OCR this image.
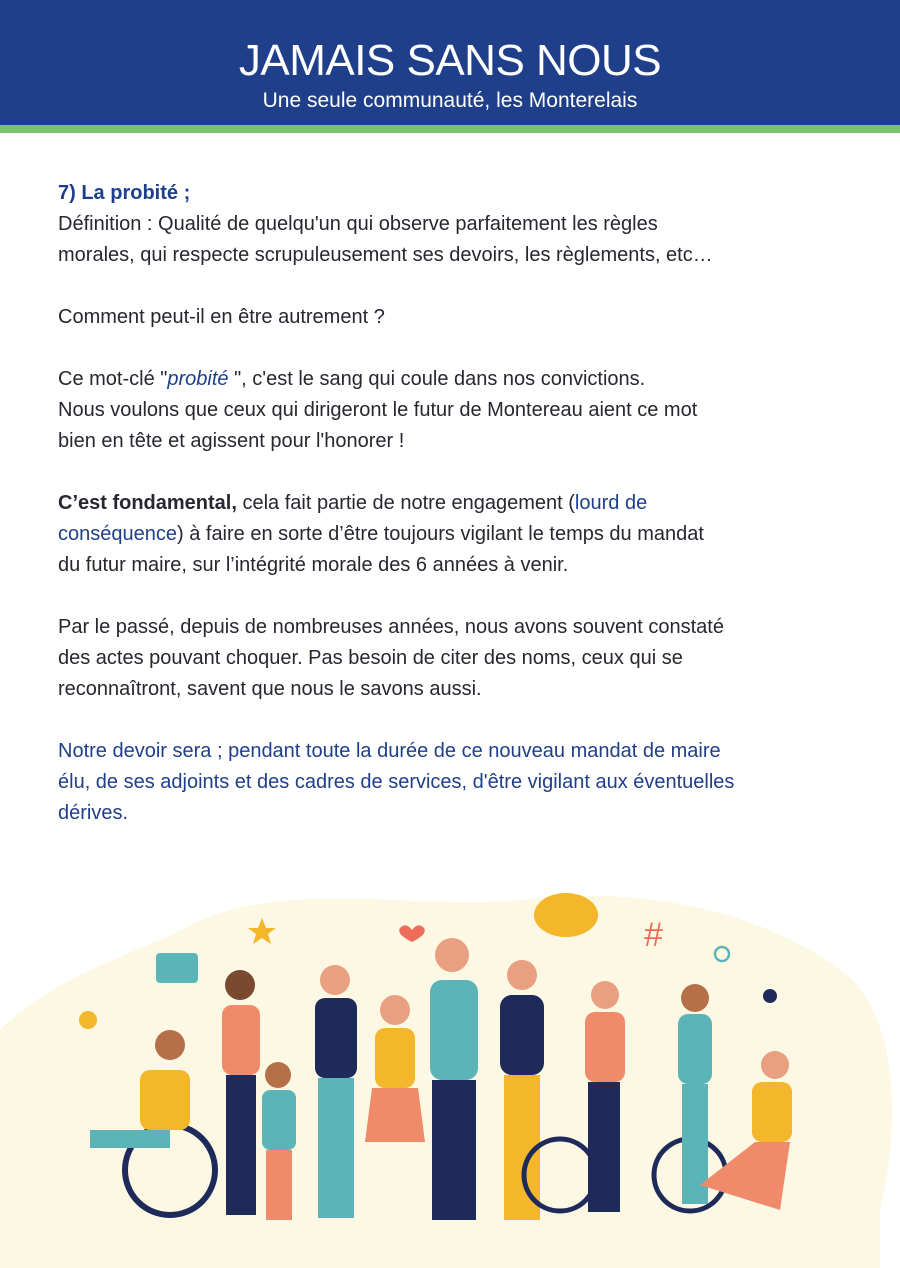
JAMAIS SANS NOUS
Une seule communauté, les Monterelais
7) La probité ;
Définition : Qualité de quelqu'un qui observe parfaitement les règles
morales, qui respecte scrupuleusement ses devoirs, les règlements, etc…
Comment peut-il en être autrement ?
Ce mot-clé "probité ", c'est le sang qui coule dans nos convictions.
Nous voulons que ceux qui dirigeront le futur de Montereau aient ce mot
bien en tête et agissent pour l'honorer !
C’est fondamental, cela fait partie de notre engagement (lourd de
conséquence) à faire en sorte d’être toujours vigilant le temps du mandat
du futur maire, sur l’intégrité morale des 6 années à venir.
Par le passé, depuis de nombreuses années, nous avons souvent constaté
des actes pouvant choquer. Pas besoin de citer des noms, ceux qui se
reconnaîtront, savent que nous le savons aussi.
Notre devoir sera ; pendant toute la durée de ce nouveau mandat de maire
élu, de ses adjoints et des cadres de services, d'être vigilant aux éventuelles
dérives.
#
